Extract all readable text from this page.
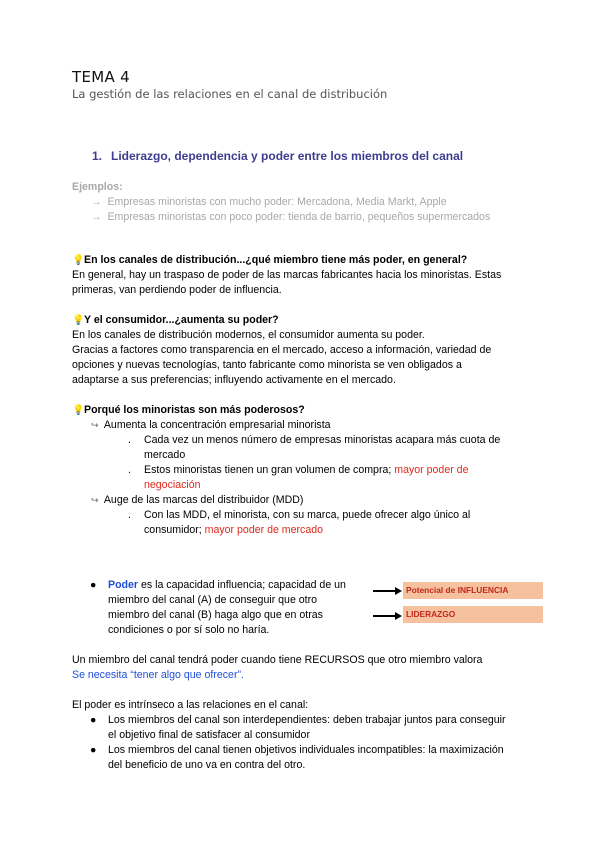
TEMA 4
La gestión de las relaciones en el canal de distribución
1. Liderazgo, dependencia y poder entre los miembros del canal
Ejemplos:
→ Empresas minoristas con mucho poder: Mercadona, Media Markt, Apple
→ Empresas minoristas con poco poder: tienda de barrio, pequeños supermercados
💡En los canales de distribución...¿qué miembro tiene más poder, en general?
En general, hay un traspaso de poder de las marcas fabricantes hacia los minoristas. Estas
primeras, van perdiendo poder de influencia.
💡Y el consumidor...¿aumenta su poder?
En los canales de distribución modernos, el consumidor aumenta su poder.
Gracias a factores como transparencia en el mercado, acceso a información, variedad de
opciones y nuevas tecnologías, tanto fabricante como minorista se ven obligados a
adaptarse a sus preferencias; influyendo activamente en el mercado.
💡Porqué los minoristas son más poderosos?
↪ Aumenta la concentración empresarial minorista
. Cada vez un menos número de empresas minoristas acapara más cuota de
mercado
. Estos minoristas tienen un gran volumen de compra; mayor poder de
negociación
↪ Auge de las marcas del distribuidor (MDD)
. Con las MDD, el minorista, con su marca, puede ofrecer algo único al
consumidor; mayor poder de mercado
● Poder es la capacidad influencia; capacidad de un
miembro del canal (A) de conseguir que otro
miembro del canal (B) haga algo que en otras
condiciones o por sí solo no haría.
Potencial de INFLUENCIA
LIDERAZGO
Un miembro del canal tendrá poder cuando tiene RECURSOS que otro miembro valora
Se necesita “tener algo que ofrecer”.
El poder es intrínseco a las relaciones en el canal:
● Los miembros del canal son interdependientes: deben trabajar juntos para conseguir
el objetivo final de satisfacer al consumidor
● Los miembros del canal tienen objetivos individuales incompatibles: la maximización
del beneficio de uno va en contra del otro.
